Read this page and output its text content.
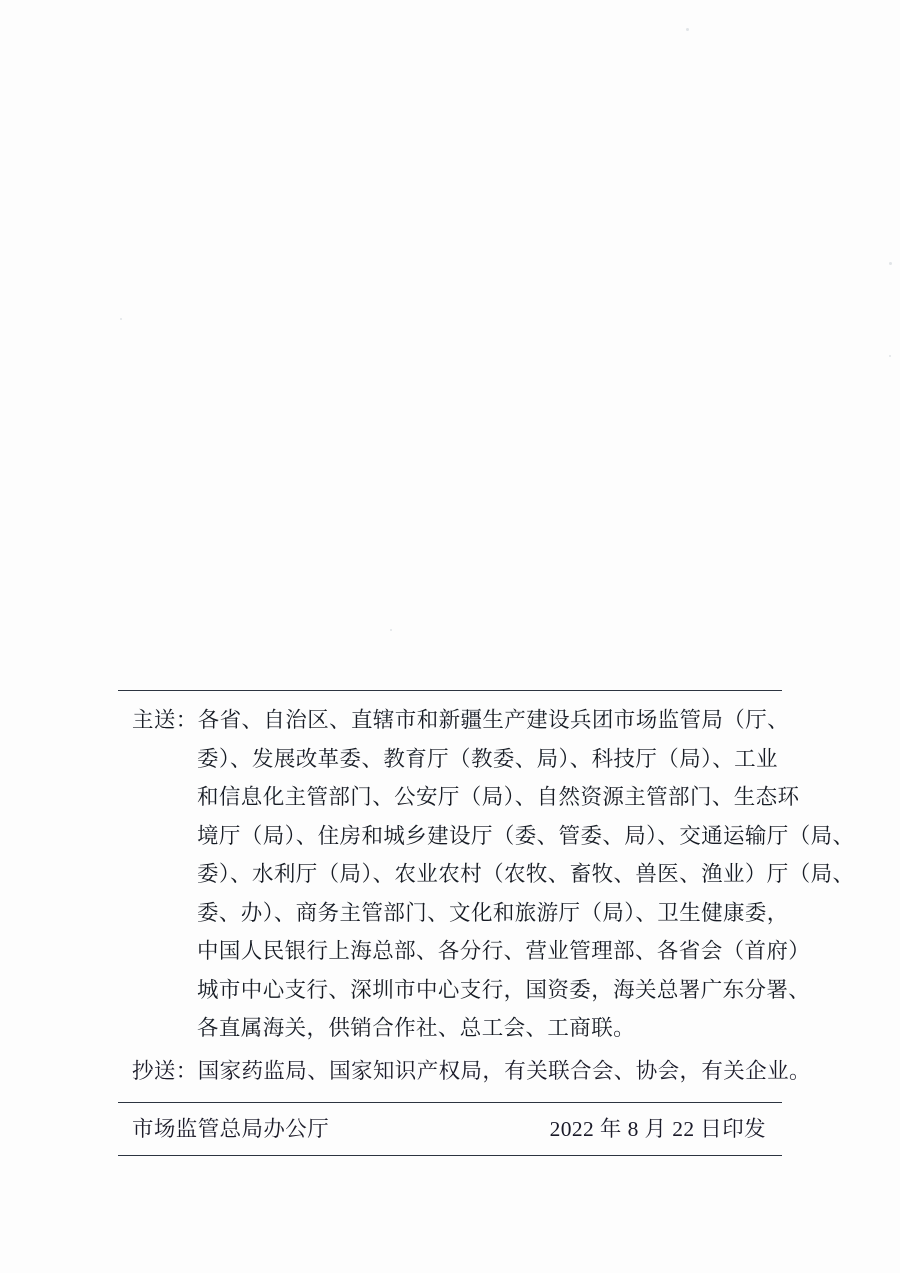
主送： 各省、自治区、直辖市和新疆生产建设兵团市场监管局（厅、
委）、发展改革委、教育厅（教委、局）、科技厅（局）、工业
和信息化主管部门、公安厅（局）、自然资源主管部门、生态环
境厅（局）、住房和城乡建设厅（委、管委、局）、交通运输厅（局、
委）、水利厅（局）、农业农村（农牧、畜牧、兽医、渔业）厅（局、
委、办）、商务主管部门、文化和旅游厅（局）、卫生健康委，
中国人民银行上海总部、各分行、营业管理部、各省会（首府）
城市中心支行、深圳市中心支行，国资委，海关总署广东分署、
各直属海关，供销合作社、总工会、工商联。
抄送： 国家药监局、国家知识产权局，有关联合会、协会，有关企业。
市场监管总局办公厅	2022 年 8 月 22 日印发
